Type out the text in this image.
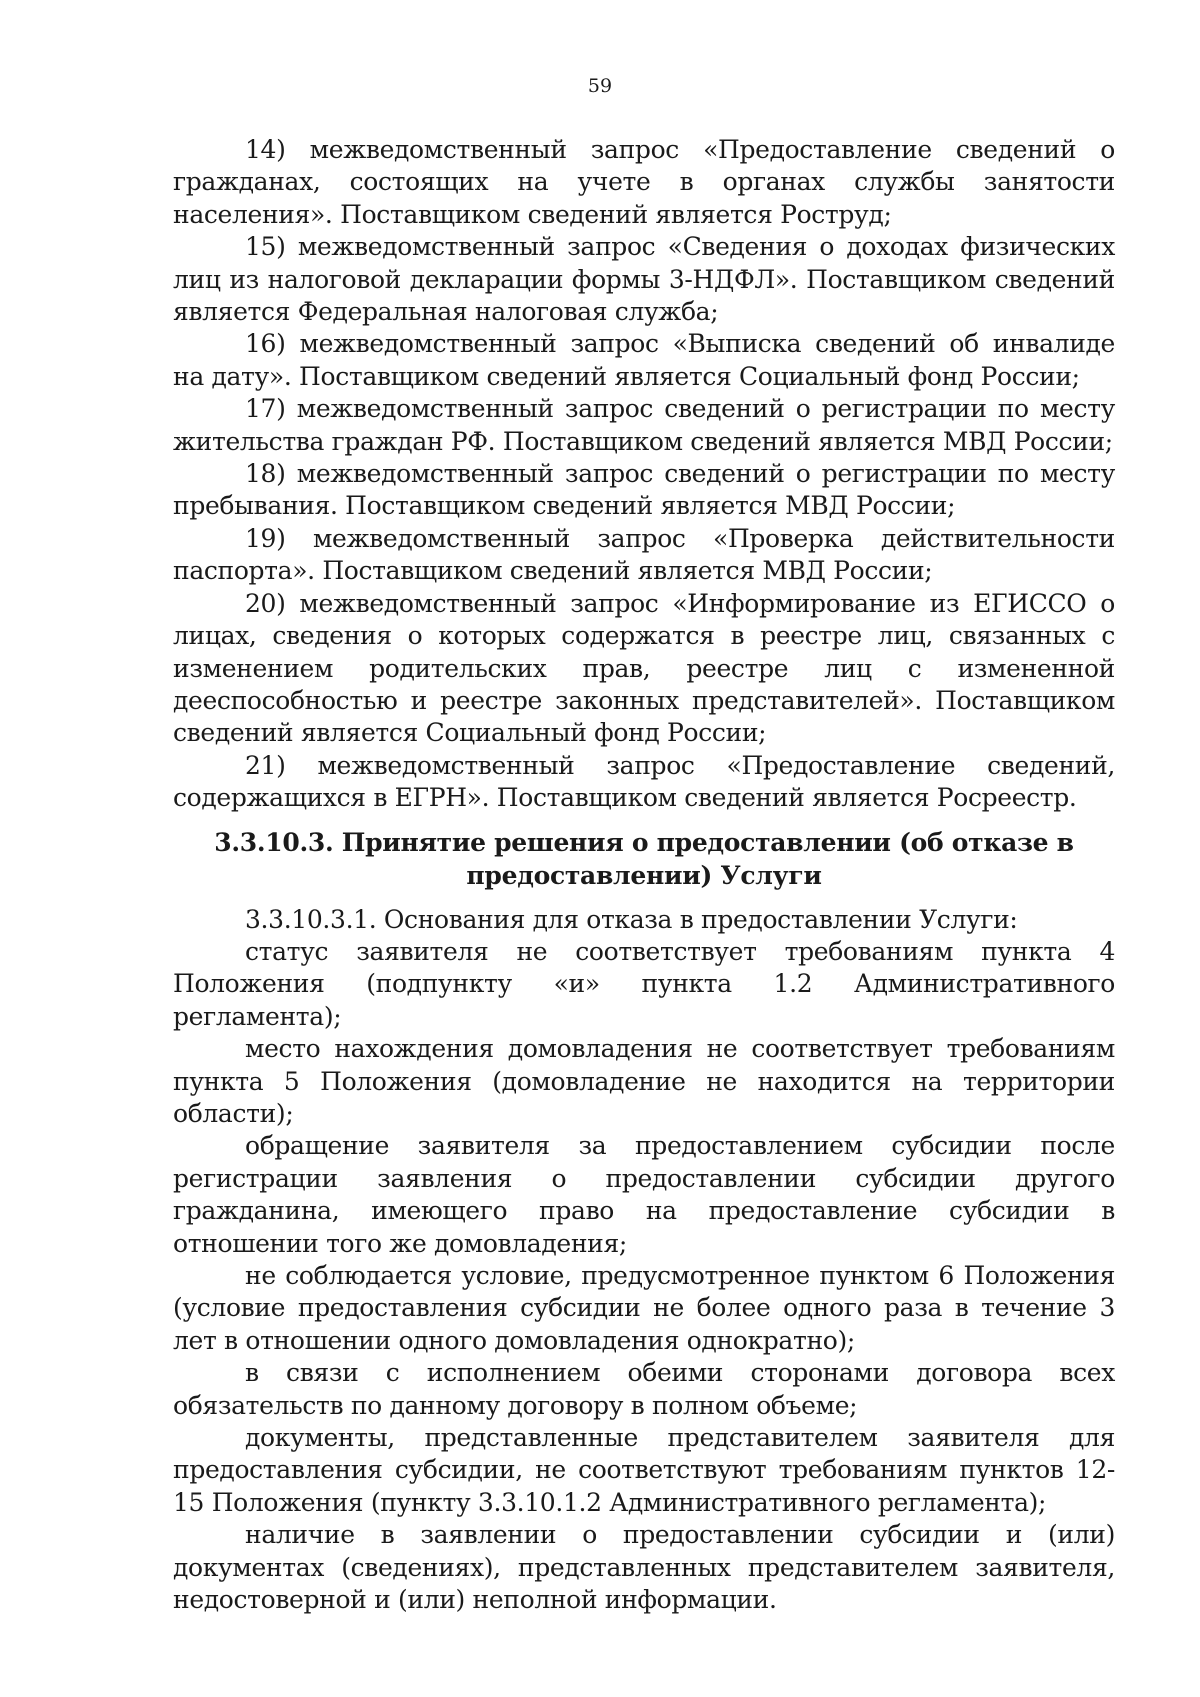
59

14) межведомственный запрос «Предоставление сведений о гражданах, состоящих на учете в органах службы занятости населения». Поставщиком сведений является Роструд;

15) межведомственный запрос «Сведения о доходах физических лиц из налоговой декларации формы 3-НДФЛ». Поставщиком сведений является Федеральная налоговая служба;

16) межведомственный запрос «Выписка сведений об инвалиде на дату». Поставщиком сведений является Социальный фонд России;

17) межведомственный запрос сведений о регистрации по месту жительства граждан РФ. Поставщиком сведений является МВД России;

18) межведомственный запрос сведений о регистрации по месту пребывания. Поставщиком сведений является МВД России;

19) межведомственный запрос «Проверка действительности паспорта». Поставщиком сведений является МВД России;

20) межведомственный запрос «Информирование из ЕГИССО о лицах, сведения о которых содержатся в реестре лиц, связанных с изменением родительских прав, реестре лиц с измененной дееспособностью и реестре законных представителей». Поставщиком сведений является Социальный фонд России;

21) межведомственный запрос «Предоставление сведений, содержащихся в ЕГРН». Поставщиком сведений является Росреестр.

3.3.10.3. Принятие решения о предоставлении (об отказе в
предоставлении) Услуги

3.3.10.3.1. Основания для отказа в предоставлении Услуги:

статус заявителя не соответствует требованиям пункта 4 Положения (подпункту «и» пункта 1.2 Административного регламента);

место нахождения домовладения не соответствует требованиям пункта 5 Положения (домовладение не находится на территории области);

обращение заявителя за предоставлением субсидии после регистрации заявления о предоставлении субсидии другого гражданина, имеющего право на предоставление субсидии в отношении того же домовладения;

не соблюдается условие, предусмотренное пунктом 6 Положения (условие предоставления субсидии не более одного раза в течение 3 лет в отношении одного домовладения однократно);

в связи с исполнением обеими сторонами договора всех обязательств по данному договору в полном объеме;

документы, представленные представителем заявителя для предоставления субсидии, не соответствуют требованиям пунктов 12-15 Положения (пункту 3.3.10.1.2 Административного регламента);

наличие в заявлении о предоставлении субсидии и (или) документах (сведениях), представленных представителем заявителя, недостоверной и (или) неполной информации.
